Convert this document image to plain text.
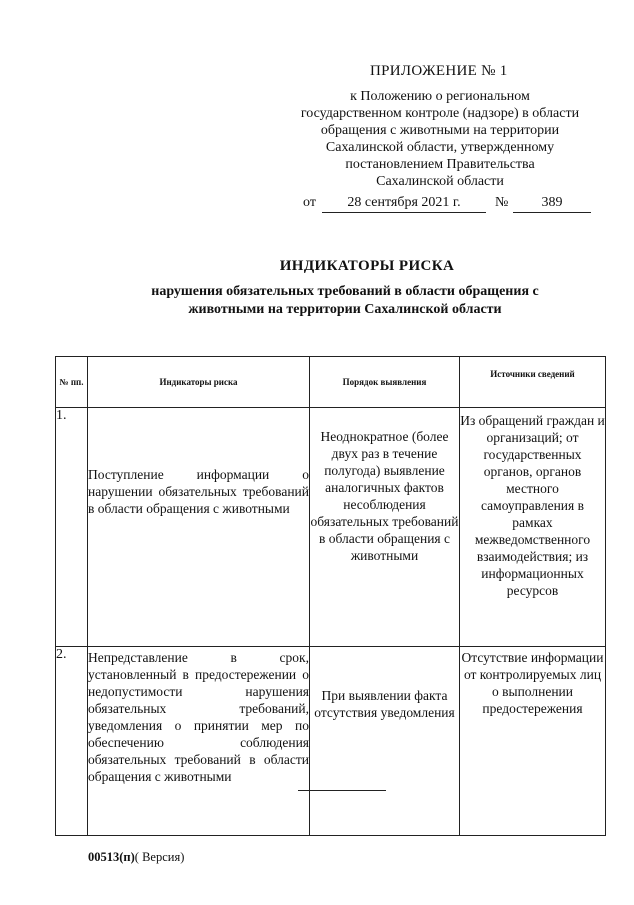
ПРИЛОЖЕНИЕ № 1
к Положению о региональном
государственном контроле (надзоре) в области
обращения с животными на территории
Сахалинской области, утвержденному
постановлением Правительства
Сахалинской области
от	28 сентября 2021 г.	№	389
ИНДИКАТОРЫ РИСКА
нарушения обязательных требований в области обращения с животными на территории Сахалинской области
№ пп.	Индикаторы риска	Порядок выявления	Источники сведений
1.	Поступление информации о нарушении обязательных требований в области обращения с животными	Неоднократное (более двух раз в течение полугода) выявление аналогичных фактов несоблюдения обязательных требований в области обращения с животными	Из обращений граждан и организаций; от государственных органов, органов местного самоуправления в рамках межведомственного взаимодействия; из информационных ресурсов
2.	Непредставление в срок, установленный в предостережении о недопустимости нарушения обязательных требований, уведомления о принятии мер по обеспечению соблюдения обязательных требований в области обращения с животными	При выявлении факта отсутствия уведомления	Отсутствие информации от контролируемых лиц о выполнении предостережения
00513(п)( Версия)
